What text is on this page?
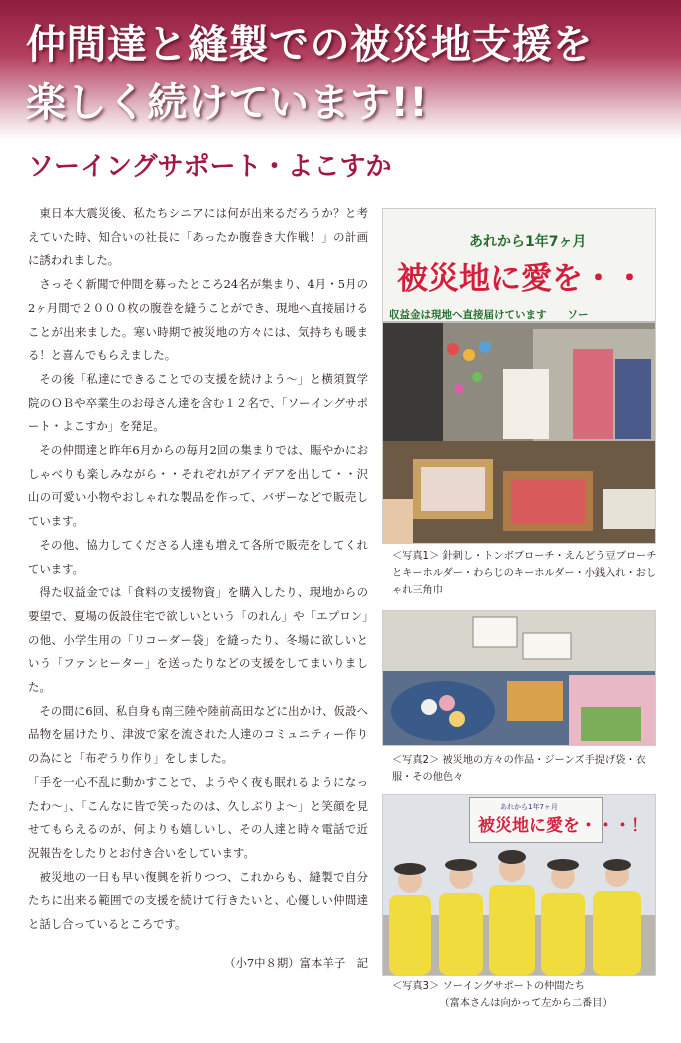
仲間達と縫製での被災地支援を
楽しく続けています!!
ソーイングサポート・よこすか

東日本大震災後、私たちシニアには何が出来るだろうか？と考えていた時、知合いの社長に「あったか腹巻き大作戦！」の計画に誘われました。

さっそく新聞で仲間を募ったところ24名が集まり、4月・5月の2ヶ月間で２０００枚の腹巻を縫うことができ、現地へ直接届けることが出来ました。寒い時期で被災地の方々には、気持ちも暖まる！と喜んでもらえました。

その後「私達にできることでの支援を続けよう～」と横須賀学院のＯＢや卒業生のお母さん達を含む１２名で、「ソーイングサポート・よこすか」を発足。

その仲間達と昨年6月からの毎月2回の集まりでは、賑やかにおしゃべりも楽しみながら・・それぞれがアイデアを出して・・沢山の可愛い小物やおしゃれな製品を作って、バザーなどで販売しています。

その他、協力してくださる人達も増えて各所で販売をしてくれています。

得た収益金では「食料の支援物資」を購入したり、現地からの要望で、夏場の仮設住宅で欲しいという「のれん」や「エプロン」の他、小学生用の「リコーダー袋」を縫ったり、冬場に欲しいという「ファンヒーター」を送ったりなどの支援をしてまいりました。

その間に6回、私自身も南三陸や陸前高田などに出かけ、仮設へ品物を届けたり、津波で家を流された人達のコミュニティー作りの為にと「布ぞうり作り」をしました。

「手を一心不乱に動かすことで、ようやく夜も眠れるようになったわ～」、「こんなに皆で笑ったのは、久しぶりよ～」と笑顔を見せてもらえるのが、何よりも嬉しいし、その人達と時々電話で近況報告をしたりとお付き合いをしています。

被災地の一日も早い復興を祈りつつ、これからも、縫製で自分たちに出来る範囲での支援を続けて行きたいと、心優しい仲間達と話し合っているところです。

（小7中８期）富本羊子　記
あれから1年7ヶ月
被災地に愛を・・
収益金は現地へ直接届けています　　ソー
＜写真1＞ 針刺し・トンボブローチ・えんどう豆ブローチとキーホルダー・わらじのキーホルダー・小銭入れ・おしゃれ三角巾
＜写真2＞ 被災地の方々の作品・ジーンズ手提げ袋・衣服・その他色々
あれから1年7ヶ月
被災地に愛を・・・！
＜写真3＞ ソーイングサポートの仲間たち
（富本さんは向かって左から二番目）
